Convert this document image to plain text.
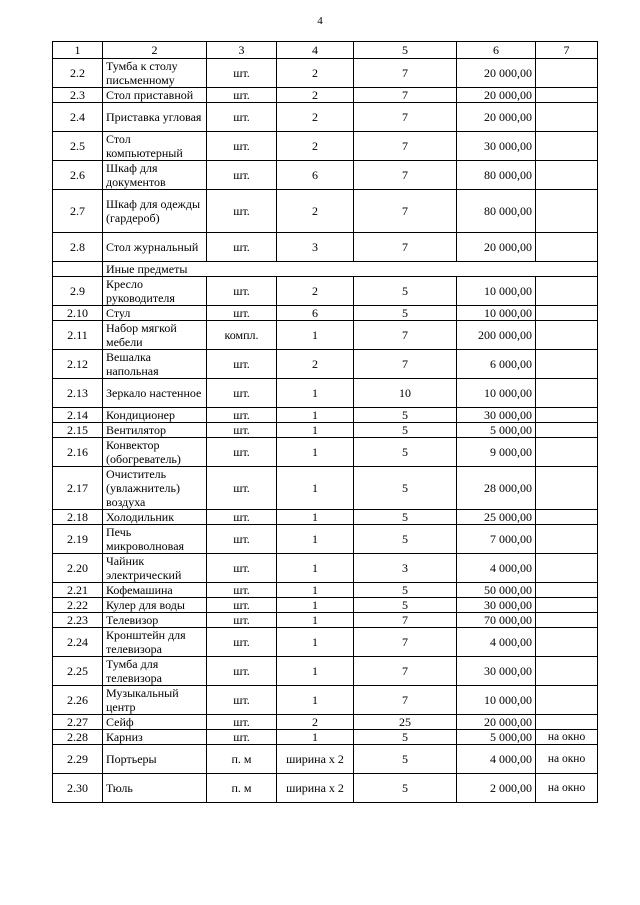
4
1	2	3	4	5	6	7
2.2	Тумба к столу письменному	шт.	2	7	20 000,00	
2.3	Стол приставной	шт.	2	7	20 000,00	
2.4	Приставка угловая	шт.	2	7	20 000,00	
2.5	Стол компьютерный	шт.	2	7	30 000,00	
2.6	Шкаф для документов	шт.	6	7	80 000,00	
2.7	Шкаф для одежды (гардероб)	шт.	2	7	80 000,00	
2.8	Стол журнальный	шт.	3	7	20 000,00	
	Иные предметы					
2.9	Кресло руководителя	шт.	2	5	10 000,00	
2.10	Стул	шт.	6	5	10 000,00	
2.11	Набор мягкой мебели	компл.	1	7	200 000,00	
2.12	Вешалка напольная	шт.	2	7	6 000,00	
2.13	Зеркало настенное	шт.	1	10	10 000,00	
2.14	Кондиционер	шт.	1	5	30 000,00	
2.15	Вентилятор	шт.	1	5	5 000,00	
2.16	Конвектор (обогреватель)	шт.	1	5	9 000,00	
2.17	Очиститель (увлажнитель) воздуха	шт.	1	5	28 000,00	
2.18	Холодильник	шт.	1	5	25 000,00	
2.19	Печь микроволновая	шт.	1	5	7 000,00	
2.20	Чайник электрический	шт.	1	3	4 000,00	
2.21	Кофемашина	шт.	1	5	50 000,00	
2.22	Кулер для воды	шт.	1	5	30 000,00	
2.23	Телевизор	шт.	1	7	70 000,00	
2.24	Кронштейн для телевизора	шт.	1	7	4 000,00	
2.25	Тумба для телевизора	шт.	1	7	30 000,00	
2.26	Музыкальный центр	шт.	1	7	10 000,00	
2.27	Сейф	шт.	2	25	20 000,00	
2.28	Карниз	шт.	1	5	5 000,00	на окно
2.29	Портьеры	п. м	ширина х 2	5	4 000,00	на окно
2.30	Тюль	п. м	ширина х 2	5	2 000,00	на окно
